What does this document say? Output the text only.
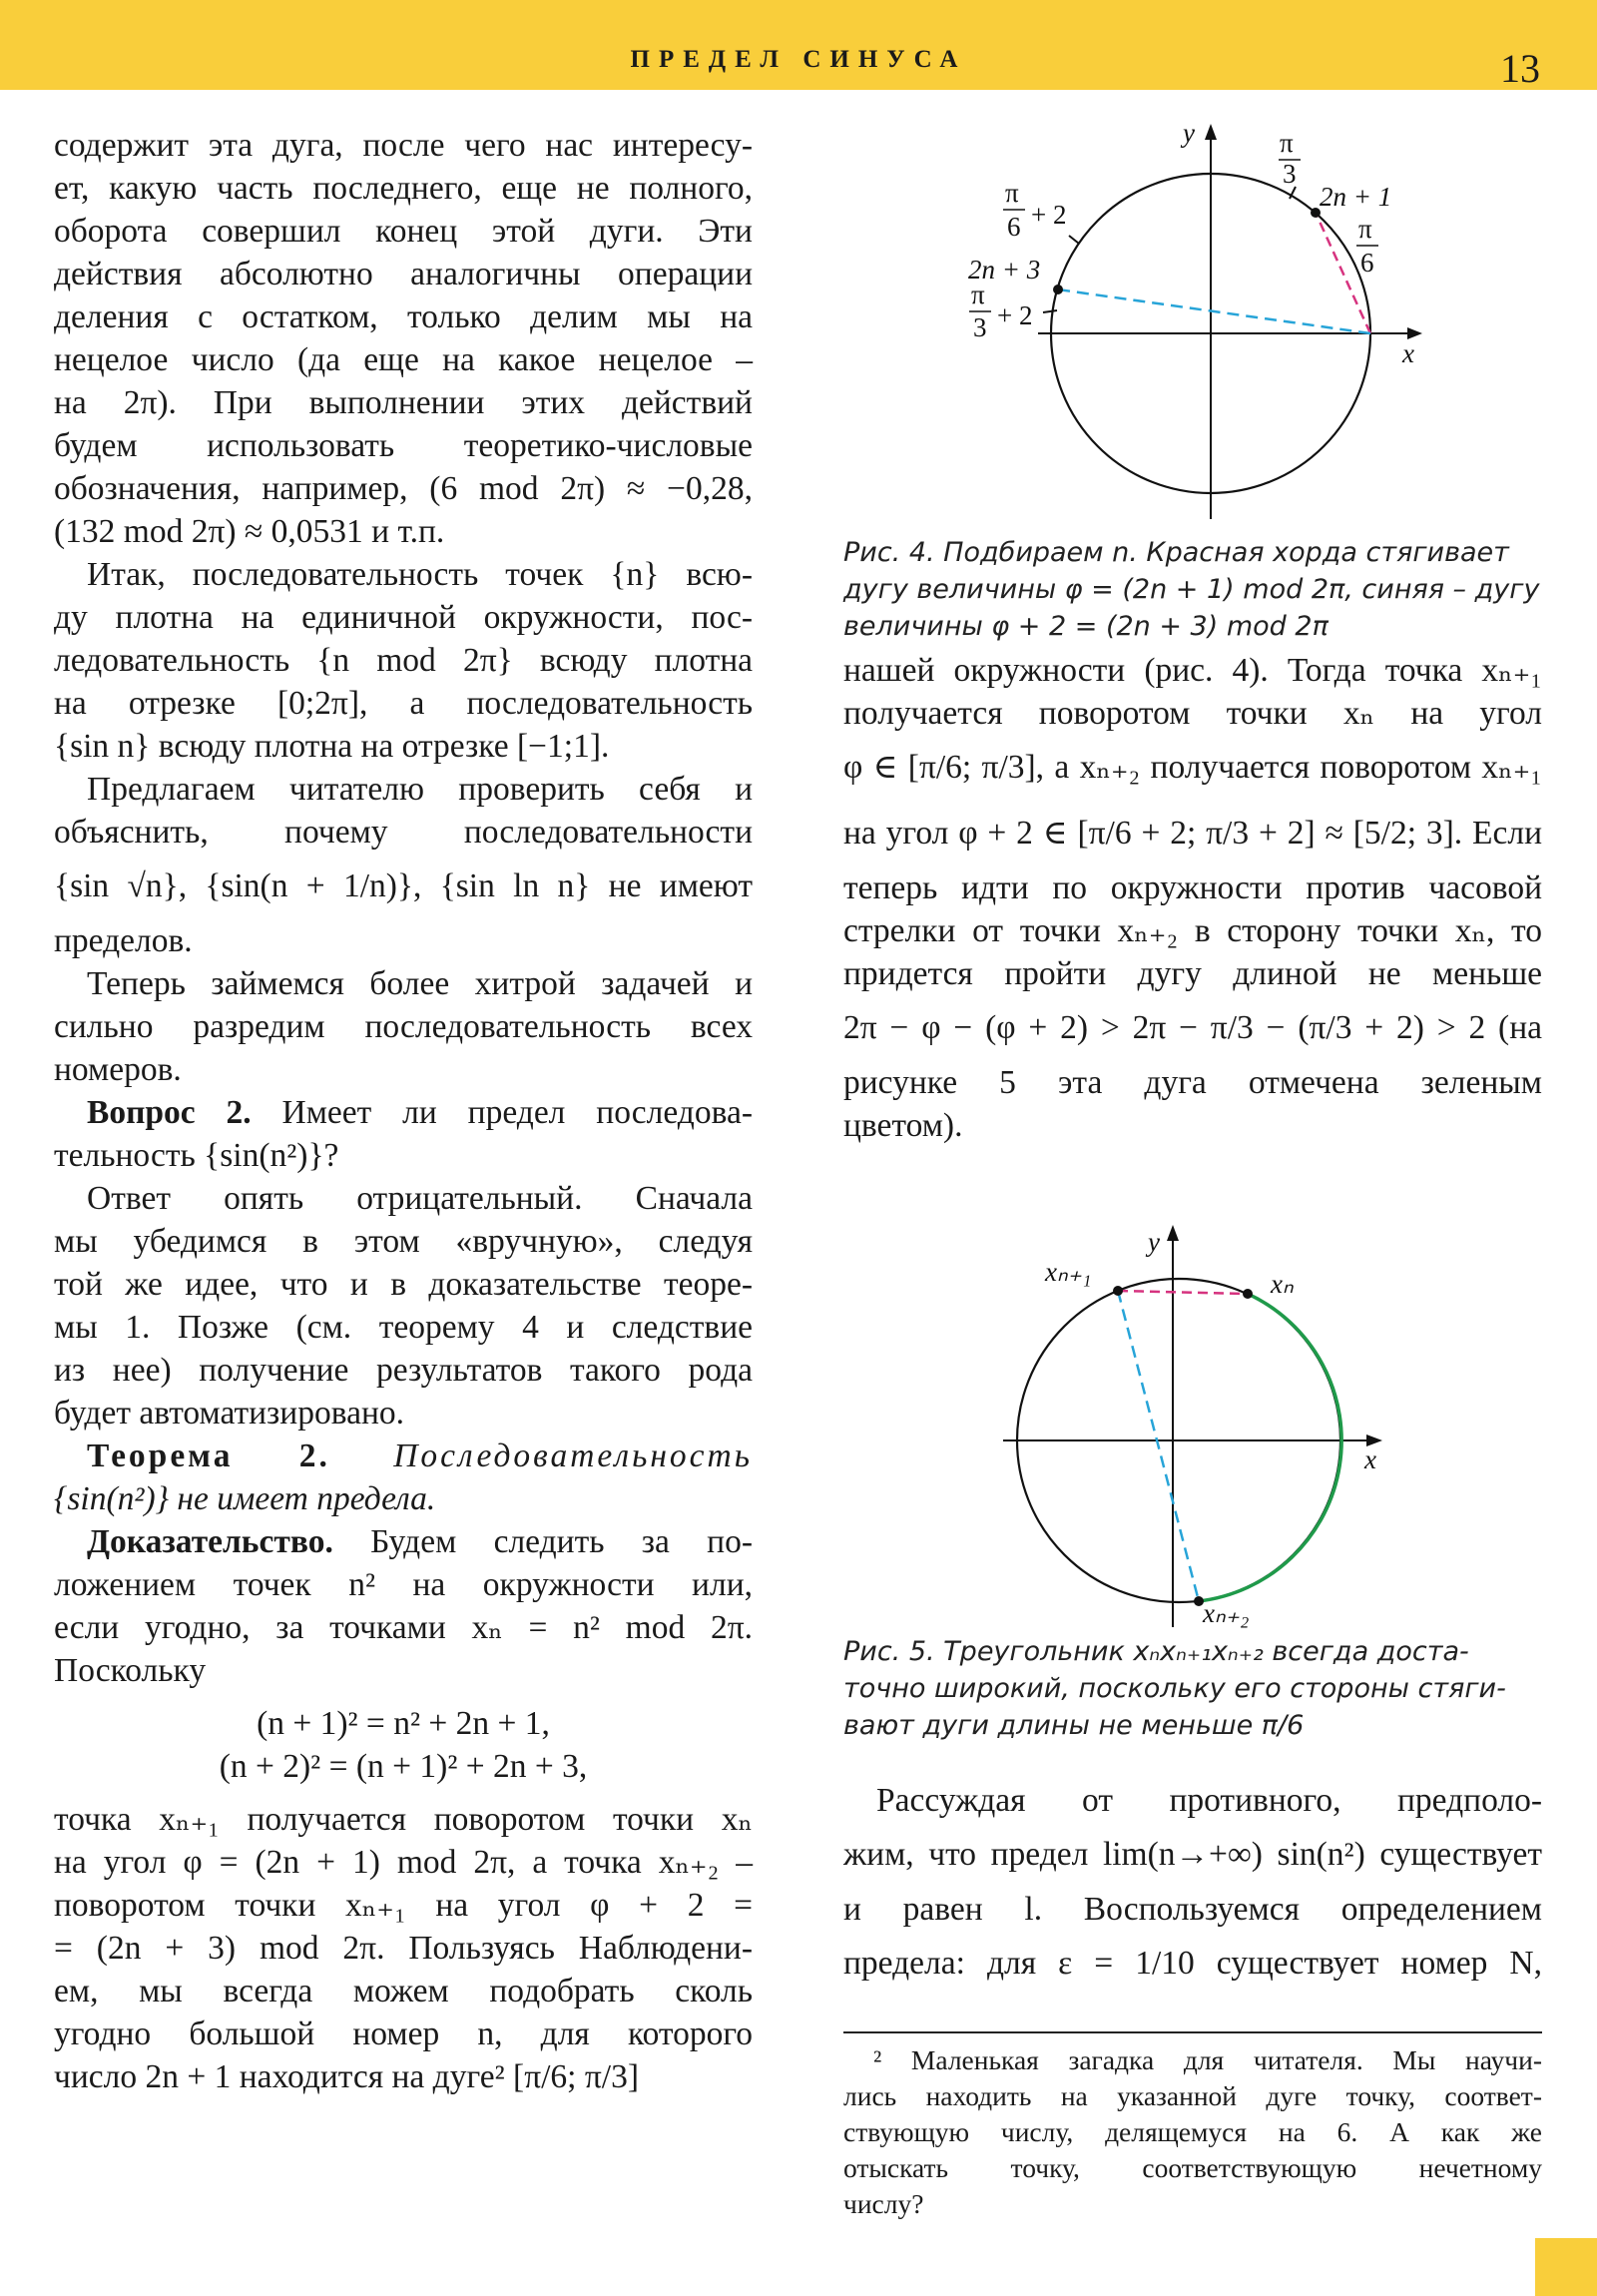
ПРЕДЕЛ СИНУСА	13
содержит эта дуга, после чего нас интересу-
ет, какую часть последнего, еще не полного,
оборота совершил конец этой дуги. Эти
действия абсолютно аналогичны операции
деления с остатком, только делим мы на
нецелое число (да еще на какое нецелое –
на 2π). При выполнении этих действий
будем использовать теоретико-числовые
обозначения, например, (6 mod 2π) ≈ −0,28,
(132 mod 2π) ≈ 0,0531 и т.п.
Итак, последовательность точек {n} всю-
ду плотна на единичной окружности, пос-
ледовательность {n mod 2π} всюду плотна
на отрезке [0;2π], а последовательность
{sin n} всюду плотна на отрезке [−1;1].
Предлагаем читателю проверить себя и
объяснить, почему последовательности
{sin √n}, {sin(n + 1/n)}, {sin ln n} не имеют
пределов.
Теперь займемся более хитрой задачей и
сильно разредим последовательность всех
номеров.
Вопрос 2. Имеет ли предел последова-
тельность {sin(n²)}?
Ответ опять отрицательный. Сначала
мы убедимся в этом «вручную», следуя
той же идее, что и в доказательстве теоре-
мы 1. Позже (см. теорему 4 и следствие
из нее) получение результатов такого рода
будет автоматизировано.
Теорема 2. Последовательность
{sin(n²)} не имеет предела.
Доказательство. Будем следить за по-
ложением точек n² на окружности или,
если угодно, за точками xₙ = n² mod 2π.
Поскольку
(n + 1)² = n² + 2n + 1,
(n + 2)² = (n + 1)² + 2n + 3,
точка xₙ₊₁ получается поворотом точки xₙ
на угол φ = (2n + 1) mod 2π, а точка xₙ₊₂ –
поворотом точки xₙ₊₁ на угол φ + 2 =
= (2n + 3) mod 2π. Пользуясь Наблюдени-
ем, мы всегда можем подобрать сколь
угодно большой номер n, для которого
число 2n + 1 находится на дуге² [π/6; π/3]
y
x
π
3
2n + 1
π
6
π
6 + 2
2n + 3
π
3 + 2
Рис. 4. Подбираем n. Красная хорда стягивает
дугу величины φ = (2n + 1) mod 2π, синяя – дугу
величины φ + 2 = (2n + 3) mod 2π
нашей окружности (рис. 4). Тогда точка xₙ₊₁
получается поворотом точки xₙ на угол
φ ∈ [π/6; π/3], а xₙ₊₂ получается поворотом xₙ₊₁
на угол φ + 2 ∈ [π/6 + 2; π/3 + 2] ≈ [5/2; 3]. Если
теперь идти по окружности против часовой
стрелки от точки xₙ₊₂ в сторону точки xₙ, то
придется пройти дугу длиной не меньше
2π − φ − (φ + 2) > 2π − π/3 − (π/3 + 2) > 2 (на
рисунке 5 эта дуга отмечена зеленым
цветом).
y
x
xₙ
xₙ₊₁
xₙ₊₂
Рис. 5. Треугольник xₙxₙ₊₁xₙ₊₂ всегда доста-
точно широкий, поскольку его стороны стяги-
вают дуги длины не меньше π/6
Рассуждая от противного, предполо-
жим, что предел lim(n→+∞) sin(n²) существует
и равен l. Воспользуемся определением
предела: для ε = 1/10 существует номер N,
² Маленькая загадка для читателя. Мы научи-
лись находить на указанной дуге точку, соответ-
ствующую числу, делящемуся на 6. А как же
отыскать точку, соответствующую нечетному
числу?
